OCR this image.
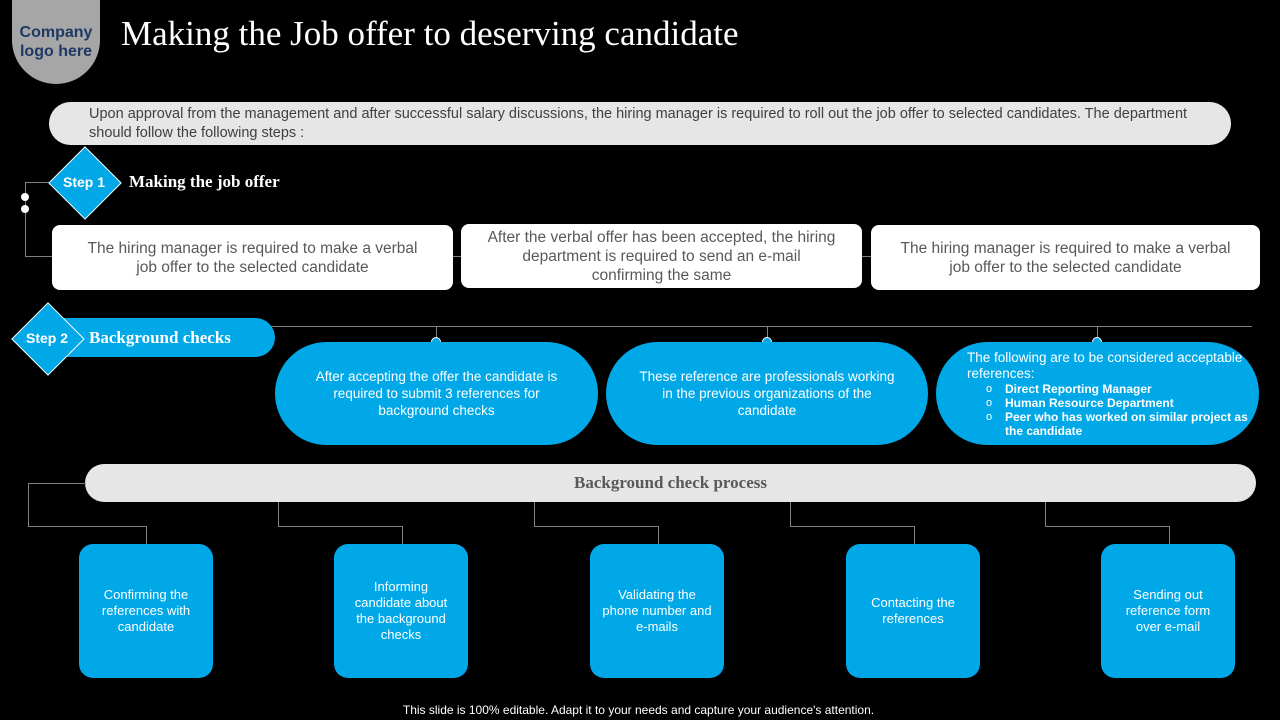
Company logo here Making the Job offer to deserving candidate
Upon approval from the management and after successful salary discussions, the hiring manager is required to roll out the job offer to selected candidates. The department should follow the following steps :
Step 1	Making the job offer
The hiring manager is required to make a verbal job offer to the selected candidate
After the verbal offer has been accepted, the hiring department is required to send an e-mail confirming the same
The hiring manager is required to make a verbal job offer to the selected candidate
Background checks
Step 2
After accepting the offer the candidate is required to submit 3 references for background checks
These reference are professionals working in the previous organizations of the candidate
The following are to be considered acceptable references:
o Direct Reporting Manager
o Human Resource Department
o Peer who has worked on similar project as the candidate
Background check process
Confirming the references with candidate
Informing candidate about the background checks
Validating the phone number and e-mails
Contacting the references
Sending out reference form over e-mail
This slide is 100% editable. Adapt it to your needs and capture your audience's attention.
